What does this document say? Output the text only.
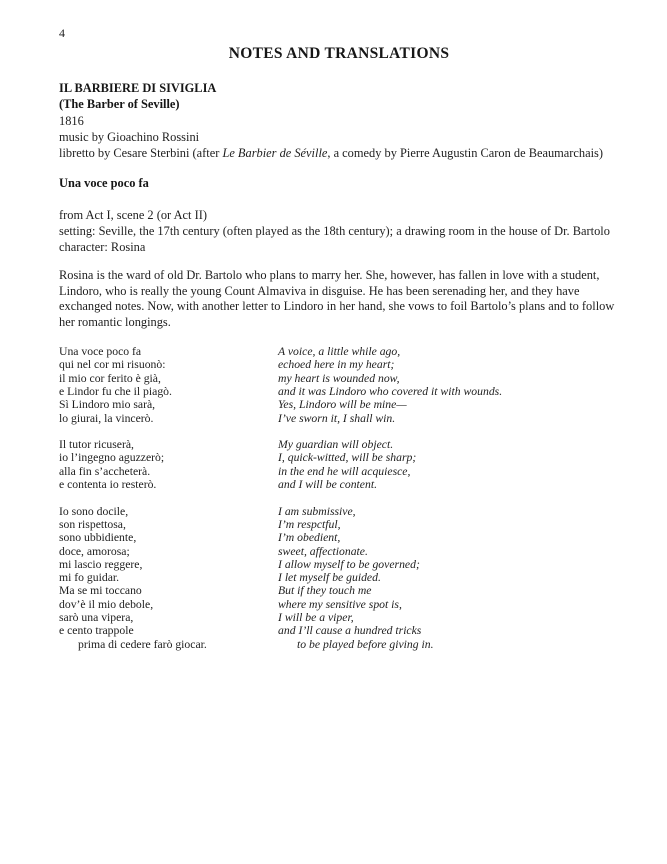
4
NOTES AND TRANSLATIONS
IL BARBIERE DI SIVIGLIA
(The Barber of Seville)
1816
music by Gioachino Rossini
libretto by Cesare Sterbini (after Le Barbier de Séville, a comedy by Pierre Augustin Caron de Beaumarchais)
Una voce poco fa
from Act I, scene 2 (or Act II)
setting: Seville, the 17th century (often played as the 18th century); a drawing room in the house of Dr. Bartolo
character: Rosina

Rosina is the ward of old Dr. Bartolo who plans to marry her. She, however, has fallen in love with a student, Lindoro, who is really the young Count Almaviva in disguise. He has been serenading her, and they have exchanged notes. Now, with another letter to Lindoro in her hand, she vows to foil Bartolo’s plans and to follow her romantic longings.

Una voce poco fa
qui nel cor mi risuonò:
il mio cor ferito è già,
e Lindor fu che il piagò.
Sì Lindoro mio sarà,
lo giurai, la vincerò.
A voice, a little while ago,
echoed here in my heart;
my heart is wounded now,
and it was Lindoro who covered it with wounds.
Yes, Lindoro will be mine—
I’ve sworn it, I shall win.
Il tutor ricuserà,
io l’ingegno aguzzerò;
alla fin s’accheterà.
e contenta io resterò.
My guardian will object.
I, quick-witted, will be sharp;
in the end he will acquiesce,
and I will be content.
Io sono docile,
son rispettosa,
sono ubbidiente,
doce, amorosa;
mi lascio reggere,
mi fo guidar.
Ma se mi toccano
dov’è il mio debole,
sarò una vipera,
e cento trappole
prima di cedere farò giocar.
I am submissive,
I’m respctful,
I’m obedient,
sweet, affectionate.
I allow myself to be governed;
I let myself be guided.
But if they touch me
where my sensitive spot is,
I will be a viper,
and I’ll cause a hundred tricks
to be played before giving in.
